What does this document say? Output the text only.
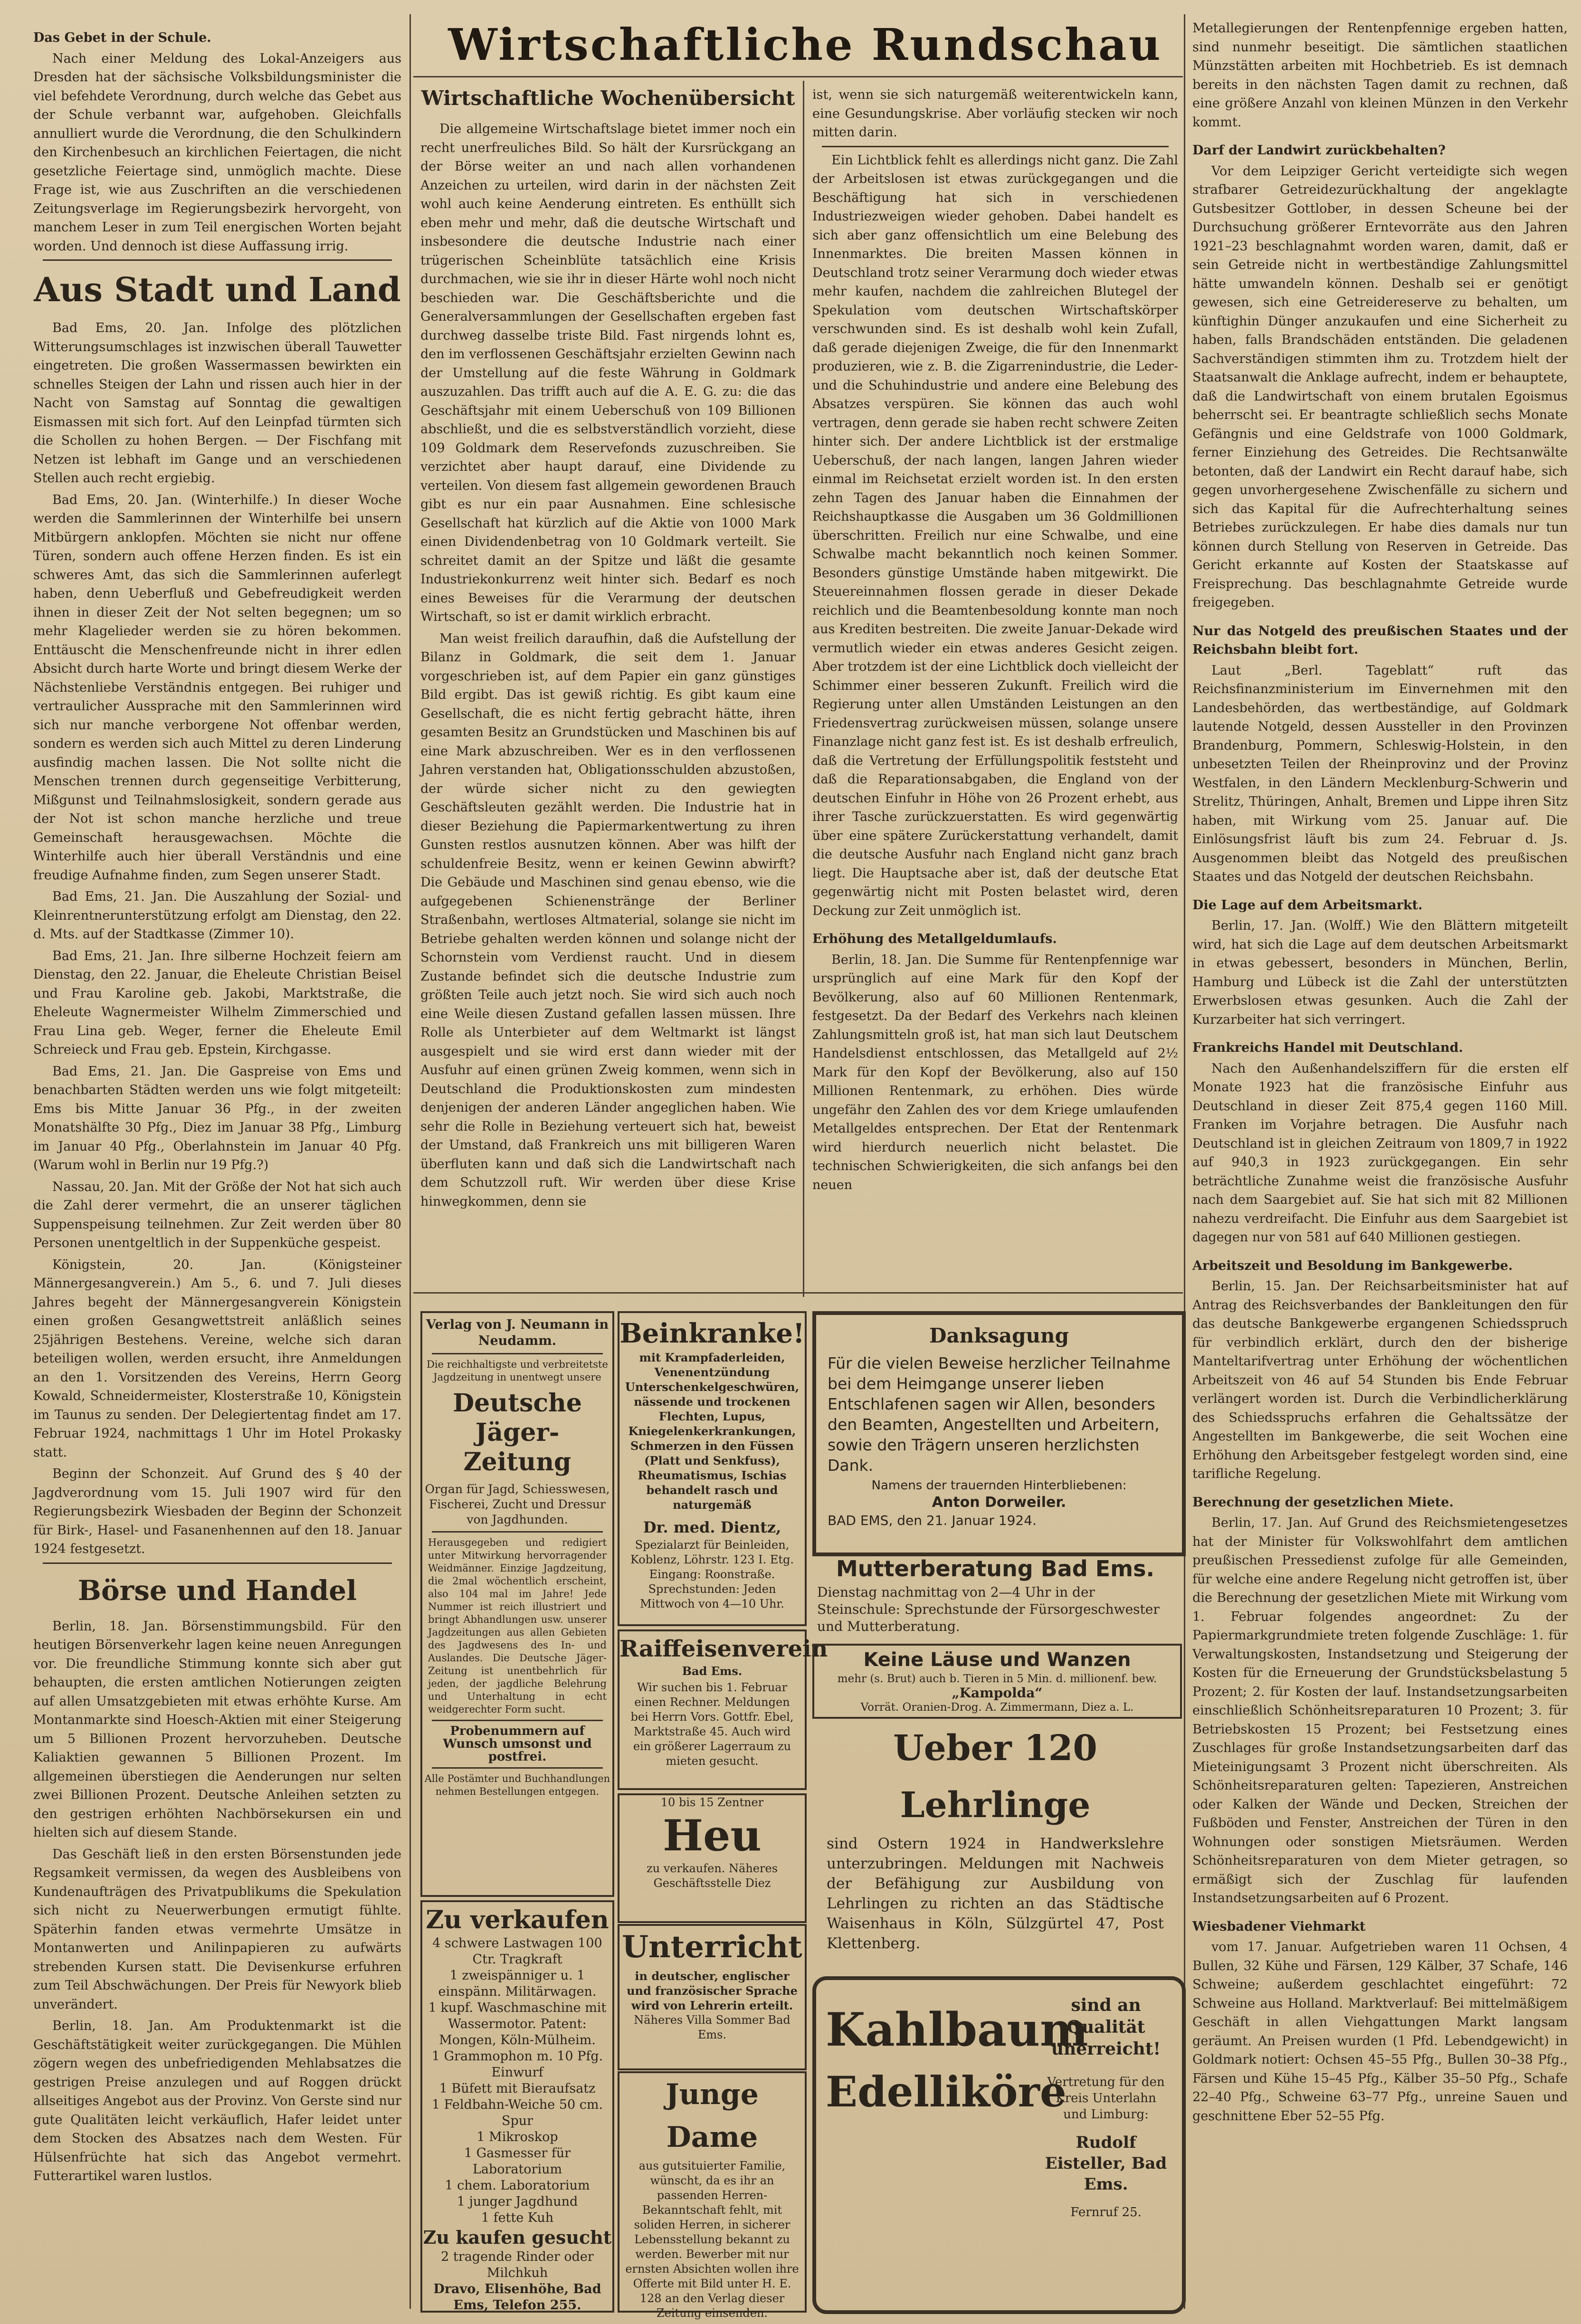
Wirtschaftliche Rundschau
Das Gebet in der Schule.

Nach einer Meldung des Lokal-Anzeigers aus Dresden hat der sächsische Volksbildungsminister die viel befehdete Verordnung, durch welche das Gebet aus der Schule verbannt war, aufgehoben. Gleichfalls annulliert wurde die Verordnung, die den Schulkindern den Kirchenbesuch an kirchlichen Feiertagen, die nicht gesetzliche Feiertage sind, unmöglich machte. Diese Frage ist, wie aus Zuschriften an die verschiedenen Zeitungsverlage im Regierungsbezirk hervorgeht, von manchem Leser in zum Teil energischen Worten bejaht worden. Und dennoch ist diese Auffassung irrig.

Aus Stadt und Land

Bad Ems, 20. Jan. Infolge des plötzlichen Witterungsumschlages ist inzwischen überall Tauwetter eingetreten. Die großen Wassermassen bewirkten ein schnelles Steigen der Lahn und rissen auch hier in der Nacht von Samstag auf Sonntag die gewaltigen Eismassen mit sich fort. Auf den Leinpfad türmten sich die Schollen zu hohen Bergen. — Der Fischfang mit Netzen ist lebhaft im Gange und an verschiedenen Stellen auch recht ergiebig.

Bad Ems, 20. Jan. (Winterhilfe.) In dieser Woche werden die Sammlerinnen der Winterhilfe bei unsern Mitbürgern anklopfen. Möchten sie nicht nur offene Türen, sondern auch offene Herzen finden. Es ist ein schweres Amt, das sich die Sammlerinnen auferlegt haben, denn Ueberfluß und Gebefreudigkeit werden ihnen in dieser Zeit der Not selten begegnen; um so mehr Klagelieder werden sie zu hören bekommen. Enttäuscht die Menschenfreunde nicht in ihrer edlen Absicht durch harte Worte und bringt diesem Werke der Nächstenliebe Verständnis entgegen. Bei ruhiger und vertraulicher Aussprache mit den Sammlerinnen wird sich nur manche verborgene Not offenbar werden, sondern es werden sich auch Mittel zu deren Linderung ausfindig machen lassen. Die Not sollte nicht die Menschen trennen durch gegenseitige Verbitterung, Mißgunst und Teilnahmslosigkeit, sondern gerade aus der Not ist schon manche herzliche und treue Gemeinschaft herausgewachsen. Möchte die Winterhilfe auch hier überall Verständnis und eine freudige Aufnahme finden, zum Segen unserer Stadt.

Bad Ems, 21. Jan. Die Auszahlung der Sozial- und Kleinrentnerunterstützung erfolgt am Dienstag, den 22. d. Mts. auf der Stadtkasse (Zimmer 10).

Bad Ems, 21. Jan. Ihre silberne Hochzeit feiern am Dienstag, den 22. Januar, die Eheleute Christian Beisel und Frau Karoline geb. Jakobi, Marktstraße, die Eheleute Wagnermeister Wilhelm Zimmerschied und Frau Lina geb. Weger, ferner die Eheleute Emil Schreieck und Frau geb. Epstein, Kirchgasse.

Bad Ems, 21. Jan. Die Gaspreise von Ems und benachbarten Städten werden uns wie folgt mitgeteilt: Ems bis Mitte Januar 36 Pfg., in der zweiten Monatshälfte 30 Pfg., Diez im Januar 38 Pfg., Limburg im Januar 40 Pfg., Oberlahnstein im Januar 40 Pfg. (Warum wohl in Berlin nur 19 Pfg.?)

Nassau, 20. Jan. Mit der Größe der Not hat sich auch die Zahl derer vermehrt, die an unserer täglichen Suppenspeisung teilnehmen. Zur Zeit werden über 80 Personen unentgeltlich in der Suppenküche gespeist.

Königstein, 20. Jan. (Königsteiner Männergesangverein.) Am 5., 6. und 7. Juli dieses Jahres begeht der Männergesangverein Königstein einen großen Gesangwettstreit anläßlich seines 25jährigen Bestehens. Vereine, welche sich daran beteiligen wollen, werden ersucht, ihre Anmeldungen an den 1. Vorsitzenden des Vereins, Herrn Georg Kowald, Schneidermeister, Klosterstraße 10, Königstein im Taunus zu senden. Der Delegiertentag findet am 17. Februar 1924, nachmittags 1 Uhr im Hotel Prokasky statt.

Beginn der Schonzeit. Auf Grund des § 40 der Jagdverordnung vom 15. Juli 1907 wird für den Regierungsbezirk Wiesbaden der Beginn der Schonzeit für Birk-, Hasel- und Fasanenhennen auf den 18. Januar 1924 festgesetzt.

Börse und Handel

Berlin, 18. Jan. Börsenstimmungsbild. Für den heutigen Börsenverkehr lagen keine neuen Anregungen vor. Die freundliche Stimmung konnte sich aber gut behaupten, die ersten amtlichen Notierungen zeigten auf allen Umsatzgebieten mit etwas erhöhte Kurse. Am Montanmarkte sind Hoesch-Aktien mit einer Steigerung um 5 Billionen Prozent hervorzuheben. Deutsche Kaliaktien gewannen 5 Billionen Prozent. Im allgemeinen überstiegen die Aenderungen nur selten zwei Billionen Prozent. Deutsche Anleihen setzten zu den gestrigen erhöhten Nachbörsekursen ein und hielten sich auf diesem Stande.

Das Geschäft ließ in den ersten Börsenstunden jede Regsamkeit vermissen, da wegen des Ausbleibens von Kundenaufträgen des Privatpublikums die Spekulation sich nicht zu Neuerwerbungen ermutigt fühlte. Späterhin fanden etwas vermehrte Umsätze in Montanwerten und Anilinpapieren zu aufwärts strebenden Kursen statt. Die Devisenkurse erfuhren zum Teil Abschwächungen. Der Preis für Newyork blieb unverändert.

Berlin, 18. Jan. Am Produktenmarkt ist die Geschäftstätigkeit weiter zurückgegangen. Die Mühlen zögern wegen des unbefriedigenden Mehlabsatzes die gestrigen Preise anzulegen und auf Roggen drückt allseitiges Angebot aus der Provinz. Von Gerste sind nur gute Qualitäten leicht verkäuflich, Hafer leidet unter dem Stocken des Absatzes nach dem Westen. Für Hülsenfrüchte hat sich das Angebot vermehrt. Futterartikel waren lustlos.

Wirtschaftliche Wochenübersicht

Die allgemeine Wirtschaftslage bietet immer noch ein recht unerfreuliches Bild. So hält der Kursrückgang an der Börse weiter an und nach allen vorhandenen Anzeichen zu urteilen, wird darin in der nächsten Zeit wohl auch keine Aenderung eintreten. Es enthüllt sich eben mehr und mehr, daß die deutsche Wirtschaft und insbesondere die deutsche Industrie nach einer trügerischen Scheinblüte tatsächlich eine Krisis durchmachen, wie sie ihr in dieser Härte wohl noch nicht beschieden war. Die Geschäftsberichte und die Generalversammlungen der Gesellschaften ergeben fast durchweg dasselbe triste Bild. Fast nirgends lohnt es, den im verflossenen Geschäftsjahr erzielten Gewinn nach der Umstellung auf die feste Währung in Goldmark auszuzahlen. Das trifft auch auf die A. E. G. zu: die das Geschäftsjahr mit einem Ueberschuß von 109 Billionen abschließt, und die es selbstverständlich vorzieht, diese 109 Goldmark dem Reservefonds zuzuschreiben. Sie verzichtet aber haupt darauf, eine Dividende zu verteilen. Von diesem fast allgemein gewordenen Brauch gibt es nur ein paar Ausnahmen. Eine schlesische Gesellschaft hat kürzlich auf die Aktie von 1000 Mark einen Dividendenbetrag von 10 Goldmark verteilt. Sie schreitet damit an der Spitze und läßt die gesamte Industriekonkurrenz weit hinter sich. Bedarf es noch eines Beweises für die Verarmung der deutschen Wirtschaft, so ist er damit wirklich erbracht.

Man weist freilich daraufhin, daß die Aufstellung der Bilanz in Goldmark, die seit dem 1. Januar vorgeschrieben ist, auf dem Papier ein ganz günstiges Bild ergibt. Das ist gewiß richtig. Es gibt kaum eine Gesellschaft, die es nicht fertig gebracht hätte, ihren gesamten Besitz an Grundstücken und Maschinen bis auf eine Mark abzuschreiben. Wer es in den verflossenen Jahren verstanden hat, Obligationsschulden abzustoßen, der würde sicher nicht zu den gewiegten Geschäftsleuten gezählt werden. Die Industrie hat in dieser Beziehung die Papiermarkentwertung zu ihren Gunsten restlos ausnutzen können. Aber was hilft der schuldenfreie Besitz, wenn er keinen Gewinn abwirft? Die Gebäude und Maschinen sind genau ebenso, wie die aufgegebenen Schienenstränge der Berliner Straßenbahn, wertloses Altmaterial, solange sie nicht im Betriebe gehalten werden können und solange nicht der Schornstein vom Verdienst raucht. Und in diesem Zustande befindet sich die deutsche Industrie zum größten Teile auch jetzt noch. Sie wird sich auch noch eine Weile diesen Zustand gefallen lassen müssen. Ihre Rolle als Unterbieter auf dem Weltmarkt ist längst ausgespielt und sie wird erst dann wieder mit der Ausfuhr auf einen grünen Zweig kommen, wenn sich in Deutschland die Produktionskosten zum mindesten denjenigen der anderen Länder angeglichen haben. Wie sehr die Rolle in Beziehung verteuert sich hat, beweist der Umstand, daß Frankreich uns mit billigeren Waren überfluten kann und daß sich die Landwirtschaft nach dem Schutzzoll ruft. Wir werden über diese Krise hinwegkommen, denn sie

ist, wenn sie sich naturgemäß weiterentwickeln kann, eine Gesundungskrise. Aber vorläufig stecken wir noch mitten darin.

Ein Lichtblick fehlt es allerdings nicht ganz. Die Zahl der Arbeitslosen ist etwas zurückgegangen und die Beschäftigung hat sich in verschiedenen Industriezweigen wieder gehoben. Dabei handelt es sich aber ganz offensichtlich um eine Belebung des Innenmarktes. Die breiten Massen können in Deutschland trotz seiner Verarmung doch wieder etwas mehr kaufen, nachdem die zahlreichen Blutegel der Spekulation vom deutschen Wirtschaftskörper verschwunden sind. Es ist deshalb wohl kein Zufall, daß gerade diejenigen Zweige, die für den Innenmarkt produzieren, wie z. B. die Zigarrenindustrie, die Leder- und die Schuhindustrie und andere eine Belebung des Absatzes verspüren. Sie können das auch wohl vertragen, denn gerade sie haben recht schwere Zeiten hinter sich. Der andere Lichtblick ist der erstmalige Ueberschuß, der nach langen, langen Jahren wieder einmal im Reichsetat erzielt worden ist. In den ersten zehn Tagen des Januar haben die Einnahmen der Reichshauptkasse die Ausgaben um 36 Goldmillionen überschritten. Freilich nur eine Schwalbe, und eine Schwalbe macht bekanntlich noch keinen Sommer. Besonders günstige Umstände haben mitgewirkt. Die Steuereinnahmen flossen gerade in dieser Dekade reichlich und die Beamtenbesoldung konnte man noch aus Krediten bestreiten. Die zweite Januar-Dekade wird vermutlich wieder ein etwas anderes Gesicht zeigen. Aber trotzdem ist der eine Lichtblick doch vielleicht der Schimmer einer besseren Zukunft. Freilich wird die Regierung unter allen Umständen Leistungen an den Friedensvertrag zurückweisen müssen, solange unsere Finanzlage nicht ganz fest ist. Es ist deshalb erfreulich, daß die Vertretung der Erfüllungspolitik feststeht und daß die Reparationsabgaben, die England von der deutschen Einfuhr in Höhe von 26 Prozent erhebt, aus ihrer Tasche zurückzuerstatten. Es wird gegenwärtig über eine spätere Zurückerstattung verhandelt, damit die deutsche Ausfuhr nach England nicht ganz brach liegt. Die Hauptsache aber ist, daß der deutsche Etat gegenwärtig nicht mit Posten belastet wird, deren Deckung zur Zeit unmöglich ist.

Erhöhung des Metallgeldumlaufs.

Berlin, 18. Jan. Die Summe für Rentenpfennige war ursprünglich auf eine Mark für den Kopf der Bevölkerung, also auf 60 Millionen Rentenmark, festgesetzt. Da der Bedarf des Verkehrs nach kleinen Zahlungsmitteln groß ist, hat man sich laut Deutschem Handelsdienst entschlossen, das Metallgeld auf 2½ Mark für den Kopf der Bevölkerung, also auf 150 Millionen Rentenmark, zu erhöhen. Dies würde ungefähr den Zahlen des vor dem Kriege umlaufenden Metallgeldes entsprechen. Der Etat der Rentenmark wird hierdurch neuerlich nicht belastet. Die technischen Schwierigkeiten, die sich anfangs bei den neuen

Metallegierungen der Rentenpfennige ergeben hatten, sind nunmehr beseitigt. Die sämtlichen staatlichen Münzstätten arbeiten mit Hochbetrieb. Es ist demnach bereits in den nächsten Tagen damit zu rechnen, daß eine größere Anzahl von kleinen Münzen in den Verkehr kommt.

Darf der Landwirt zurückbehalten?

Vor dem Leipziger Gericht verteidigte sich wegen strafbarer Getreidezurückhaltung der angeklagte Gutsbesitzer Gottlober, in dessen Scheune bei der Durchsuchung größerer Erntevorräte aus den Jahren 1921–23 beschlagnahmt worden waren, damit, daß er sein Getreide nicht in wertbeständige Zahlungsmittel hätte umwandeln können. Deshalb sei er genötigt gewesen, sich eine Getreidereserve zu behalten, um künftighin Dünger anzukaufen und eine Sicherheit zu haben, falls Brandschäden entständen. Die geladenen Sachverständigen stimmten ihm zu. Trotzdem hielt der Staatsanwalt die Anklage aufrecht, indem er behauptete, daß die Landwirtschaft von einem brutalen Egoismus beherrscht sei. Er beantragte schließlich sechs Monate Gefängnis und eine Geldstrafe von 1000 Goldmark, ferner Einziehung des Getreides. Die Rechtsanwälte betonten, daß der Landwirt ein Recht darauf habe, sich gegen unvorhergesehene Zwischenfälle zu sichern und sich das Kapital für die Aufrechterhaltung seines Betriebes zurückzulegen. Er habe dies damals nur tun können durch Stellung von Reserven in Getreide. Das Gericht erkannte auf Kosten der Staatskasse auf Freisprechung. Das beschlagnahmte Getreide wurde freigegeben.

Nur das Notgeld des preußischen Staates und der Reichsbahn bleibt fort.

Laut „Berl. Tageblatt“ ruft das Reichsfinanzministerium im Einvernehmen mit den Landesbehörden, das wertbeständige, auf Goldmark lautende Notgeld, dessen Aussteller in den Provinzen Brandenburg, Pommern, Schleswig-Holstein, in den unbesetzten Teilen der Rheinprovinz und der Provinz Westfalen, in den Ländern Mecklenburg-Schwerin und Strelitz, Thüringen, Anhalt, Bremen und Lippe ihren Sitz haben, mit Wirkung vom 25. Januar auf. Die Einlösungsfrist läuft bis zum 24. Februar d. Js. Ausgenommen bleibt das Notgeld des preußischen Staates und das Notgeld der deutschen Reichsbahn.

Die Lage auf dem Arbeitsmarkt.

Berlin, 17. Jan. (Wolff.) Wie den Blättern mitgeteilt wird, hat sich die Lage auf dem deutschen Arbeitsmarkt in etwas gebessert, besonders in München, Berlin, Hamburg und Lübeck ist die Zahl der unterstützten Erwerbslosen etwas gesunken. Auch die Zahl der Kurzarbeiter hat sich verringert.

Frankreichs Handel mit Deutschland.

Nach den Außenhandelsziffern für die ersten elf Monate 1923 hat die französische Einfuhr aus Deutschland in dieser Zeit 875,4 gegen 1160 Mill. Franken im Vorjahre betragen. Die Ausfuhr nach Deutschland ist in gleichen Zeitraum von 1809,7 in 1922 auf 940,3 in 1923 zurückgegangen. Ein sehr beträchtliche Zunahme weist die französische Ausfuhr nach dem Saargebiet auf. Sie hat sich mit 82 Millionen nahezu verdreifacht. Die Einfuhr aus dem Saargebiet ist dagegen nur von 581 auf 640 Millionen gestiegen.

Arbeitszeit und Besoldung im Bankgewerbe.

Berlin, 15. Jan. Der Reichsarbeitsminister hat auf Antrag des Reichsverbandes der Bankleitungen den für das deutsche Bankgewerbe ergangenen Schiedsspruch für verbindlich erklärt, durch den der bisherige Manteltarifvertrag unter Erhöhung der wöchentlichen Arbeitszeit von 46 auf 54 Stunden bis Ende Februar verlängert worden ist. Durch die Verbindlicherklärung des Schiedsspruchs erfahren die Gehaltssätze der Angestellten im Bankgewerbe, die seit Wochen eine Erhöhung den Arbeitsgeber festgelegt worden sind, eine tarifliche Regelung.

Berechnung der gesetzlichen Miete.

Berlin, 17. Jan. Auf Grund des Reichsmietengesetzes hat der Minister für Volkswohlfahrt dem amtlichen preußischen Pressedienst zufolge für alle Gemeinden, für welche eine andere Regelung nicht getroffen ist, über die Berechnung der gesetzlichen Miete mit Wirkung vom 1. Februar folgendes angeordnet: Zu der Papiermarkgrundmiete treten folgende Zuschläge: 1. für Verwaltungskosten, Instandsetzung und Steigerung der Kosten für die Erneuerung der Grundstücksbelastung 5 Prozent; 2. für Kosten der lauf. Instandsetzungsarbeiten einschließlich Schönheitsreparaturen 10 Prozent; 3. für Betriebskosten 15 Prozent; bei Festsetzung eines Zuschlages für große Instandsetzungsarbeiten darf das Mieteinigungsamt 3 Prozent nicht überschreiten. Als Schönheitsreparaturen gelten: Tapezieren, Anstreichen oder Kalken der Wände und Decken, Streichen der Fußböden und Fenster, Anstreichen der Türen in den Wohnungen oder sonstigen Mietsräumen. Werden Schönheitsreparaturen von dem Mieter getragen, so ermäßigt sich der Zuschlag für laufenden Instandsetzungsarbeiten auf 6 Prozent.

Wiesbadener Viehmarkt

vom 17. Januar. Aufgetrieben waren 11 Ochsen, 4 Bullen, 32 Kühe und Färsen, 129 Kälber, 37 Schafe, 146 Schweine; außerdem geschlachtet eingeführt: 72 Schweine aus Holland. Marktverlauf: Bei mittelmäßigem Geschäft in allen Viehgattungen Markt langsam geräumt. An Preisen wurden (1 Pfd. Lebendgewicht) in Goldmark notiert: Ochsen 45–55 Pfg., Bullen 30–38 Pfg., Färsen und Kühe 15–45 Pfg., Kälber 35–50 Pfg., Schafe 22–40 Pfg., Schweine 63–77 Pfg., unreine Sauen und geschnittene Eber 52–55 Pfg.

Verlag von J. Neumann in Neudamm.

Die reichhaltigste und verbreitetste Jagdzeitung in unentwegt unsere

Deutsche Jäger-Zeitung

Organ für Jagd, Schiesswesen, Fischerei, Zucht und Dressur von Jagdhunden.

Herausgegeben und redigiert unter Mitwirkung hervorragender Weidmänner. Einzige Jagdzeitung, die 2mal wöchentlich erscheint, also 104 mal im Jahre! Jede Nummer ist reich illustriert und bringt Abhandlungen usw. unserer Jagdzeitungen aus allen Gebieten des Jagdwesens des In- und Auslandes. Die Deutsche Jäger-Zeitung ist unentbehrlich für jeden, der jagdliche Belehrung und Unterhaltung in echt weidgerechter Form sucht.

Probenummern auf Wunsch umsonst und postfrei.

Alle Postämter und Buchhandlungen nehmen Bestellungen entgegen.

Beinkranke!

mit Krampfaderleiden, Venenentzündung Unterschenkelgeschwüren, nässende und trockenen Flechten, Lupus, Kniegelenkerkrankungen, Schmerzen in den Füssen (Platt und Senkfuss), Rheumatismus, Ischias behandelt rasch und naturgemäß

Dr. med. Dientz,

Spezialarzt für Beinleiden, Koblenz, Löhrstr. 123 I. Etg. Eingang: Roonstraße. Sprechstunden: Jeden Mittwoch von 4—10 Uhr.

Raiffeisenverein

Bad Ems.

Wir suchen bis 1. Februar einen Rechner. Meldungen bei Herrn Vors. Gottfr. Ebel, Marktstraße 45. Auch wird ein größerer Lagerraum zu mieten gesucht.

Zu verkaufen

4 schwere Lastwagen 100 Ctr. Tragkraft

1 zweispänniger u. 1 einspänn. Militärwagen.

1 kupf. Waschmaschine mit Wassermotor. Patent: Mongen, Köln-Mülheim.

1 Grammophon m. 10 Pfg. Einwurf

1 Büfett mit Bieraufsatz

1 Feldbahn-Weiche 50 cm. Spur

1 Mikroskop

1 Gasmesser für Laboratorium

1 chem. Laboratorium

1 junger Jagdhund

1 fette Kuh

Zu kaufen gesucht

2 tragende Rinder oder Milchkuh

Dravo, Elisenhöhe, Bad Ems, Telefon 255.

10 bis 15 Zentner

Heu

zu verkaufen. Näheres Geschäftsstelle Diez

Unterricht

in deutscher, englischer und französischer Sprache wird von Lehrerin erteilt.

Näheres Villa Sommer Bad Ems.

Junge Dame

aus gutsituierter Familie, wünscht, da es ihr an passenden Herren-Bekanntschaft fehlt, mit soliden Herren, in sicherer Lebensstellung bekannt zu werden. Bewerber mit nur ernsten Absichten wollen ihre Offerte mit Bild unter H. E. 128 an den Verlag dieser Zeitung einsenden.

Danksagung

Für die vielen Beweise herzlicher Teilnahme bei dem Heimgange unserer lieben Entschlafenen sagen wir Allen, besonders den Beamten, Angestellten und Arbeitern, sowie den Trägern unseren herzlichsten Dank.

Namens der trauernden Hinterbliebenen:

Anton Dorweiler.

BAD EMS, den 21. Januar 1924.

Mutterberatung Bad Ems.

Dienstag nachmittag von 2—4 Uhr in der Steinschule: Sprechstunde der Fürsorgeschwester und Mutterberatung.

Keine Läuse und Wanzen

mehr (s. Brut) auch b. Tieren in 5 Min. d. millionenf. bew.

„Kampolda“

Vorrät. Oranien-Drog. A. Zimmermann, Diez a. L.

Ueber 120 Lehrlinge

sind Ostern 1924 in Handwerkslehre unterzubringen. Meldungen mit Nachweis der Befähigung zur Ausbildung von Lehrlingen zu richten an das Städtische Waisenhaus in Köln, Sülzgürtel 47, Post Klettenberg.

Kahlbaum

Edelliköre

sind an Qualität unerreicht!

Vertretung für den Kreis Unterlahn und Limburg:

Rudolf Eisteller, Bad Ems.

Fernruf 25.
